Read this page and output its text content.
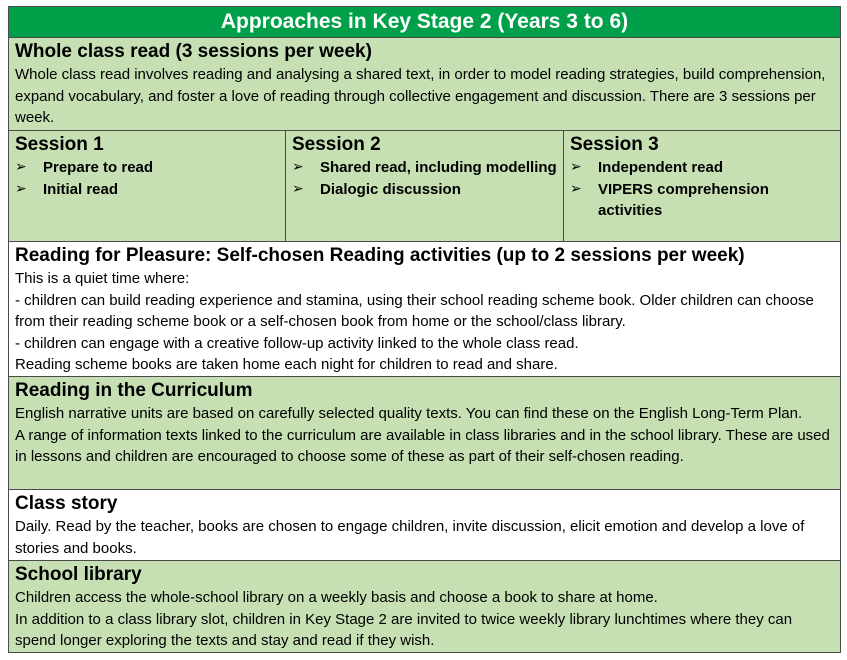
Approaches in Key Stage 2 (Years 3 to 6)

Whole class read (3 sessions per week)
Whole class read involves reading and analysing a shared text, in order to model reading strategies, build comprehension, expand vocabulary, and foster a love of reading through collective engagement and discussion. There are 3 sessions per week.

Session 1
➢ Prepare to read
➢ Initial read

Session 2
➢ Shared read, including modelling
➢ Dialogic discussion

Session 3
➢ Independent read
➢ VIPERS comprehension activities

Reading for Pleasure: Self-chosen Reading activities (up to 2 sessions per week)
This is a quiet time where:
- children can build reading experience and stamina, using their school reading scheme book. Older children can choose from their reading scheme book or a self-chosen book from home or the school/class library.
- children can engage with a creative follow-up activity linked to the whole class read.
Reading scheme books are taken home each night for children to read and share.

Reading in the Curriculum
English narrative units are based on carefully selected quality texts. You can find these on the English Long-Term Plan.
A range of information texts linked to the curriculum are available in class libraries and in the school library. These are used in lessons and children are encouraged to choose some of these as part of their self-chosen reading.

Class story
Daily. Read by the teacher, books are chosen to engage children, invite discussion, elicit emotion and develop a love of stories and books.

School library
Children access the whole-school library on a weekly basis and choose a book to share at home.
In addition to a class library slot, children in Key Stage 2 are invited to twice weekly library lunchtimes where they can spend longer exploring the texts and stay and read if they wish.
